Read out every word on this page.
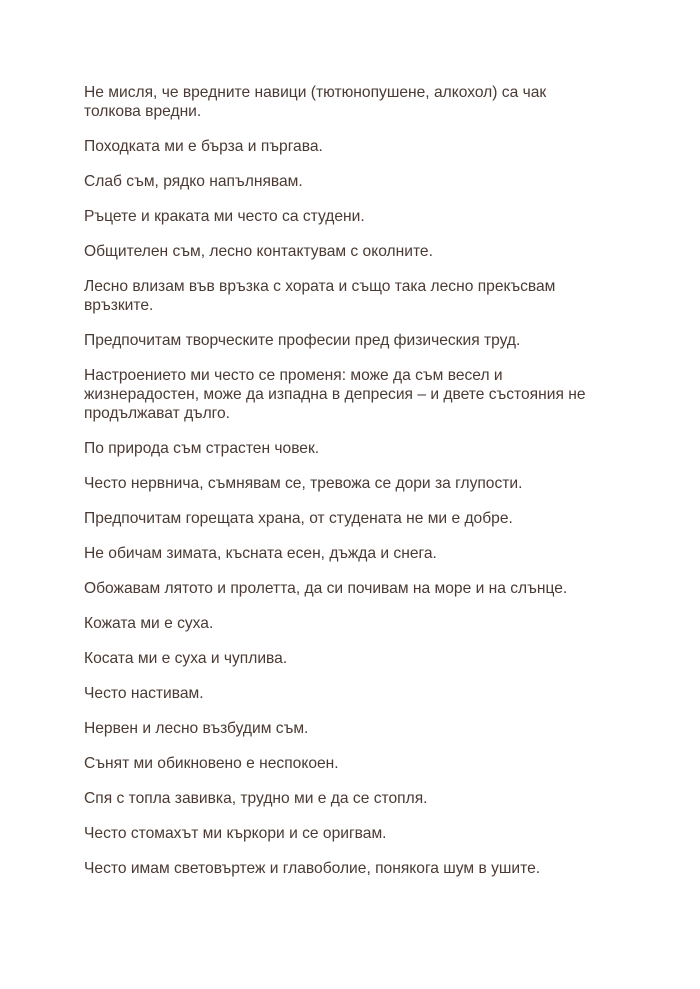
Не мисля, че вредните навици (тютюнопушене, алкохол) са чак толкова вредни.
Походката ми е бърза и пъргава.
Слаб съм, рядко напълнявам.
Ръцете и краката ми често са студени.
Общителен съм, лесно контактувам с околните.
Лесно влизам във връзка с хората и също така лесно прекъсвам връзките.
Предпочитам творческите професии пред физическия труд.
Настроението ми често се променя: може да съм весел и жизнерадостен, може да изпадна в депресия – и двете състояния не продължават дълго.
По природа съм страстен човек.
Често нервнича, съмнявам се, тревожа се дори за глупости.
Предпочитам горещата храна, от студената не ми е добре.
Не обичам зимата, късната есен, дъжда и снега.
Обожавам лятото и пролетта, да си почивам на море и на слънце.
Кожата ми е суха.
Косата ми е суха и чуплива.
Често настивам.
Нервен и лесно възбудим съм.
Сънят ми обикновено е неспокоен.
Спя с топла завивка, трудно ми е да се стопля.
Често стомахът ми къркори и се оригвам.
Често имам световъртеж и главоболие, понякога шум в ушите.
